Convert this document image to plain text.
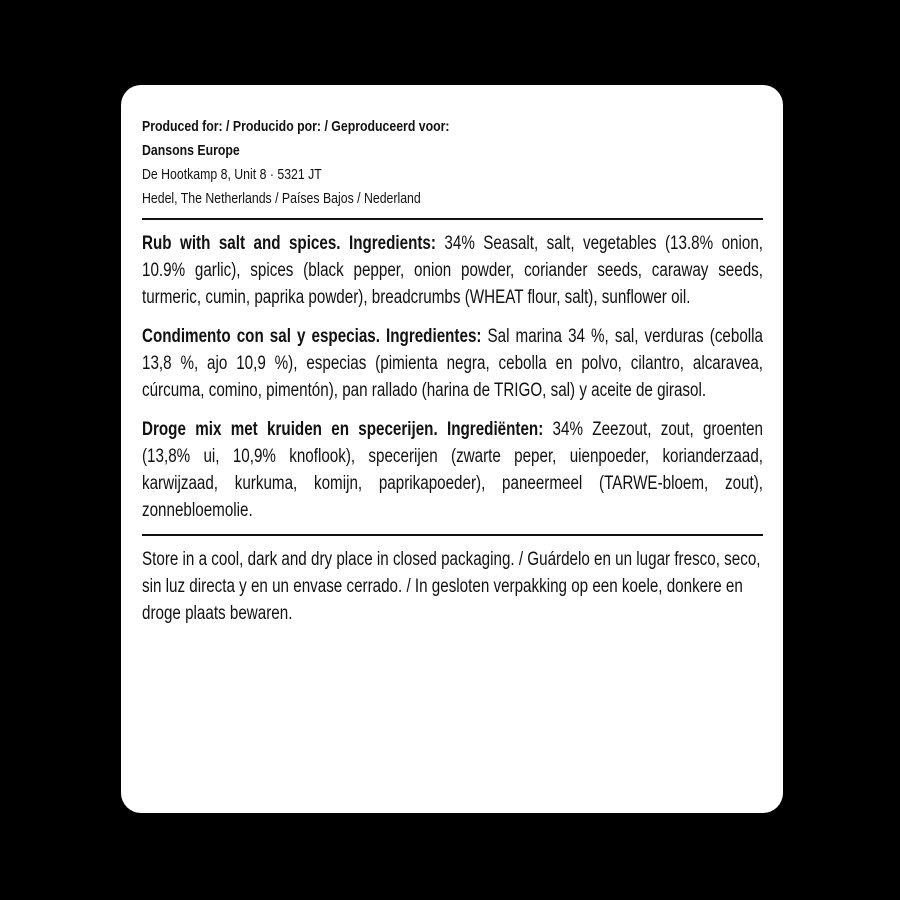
Produced for: / Producido por: / Geproduceerd voor:
Dansons Europe
De Hootkamp 8, Unit 8 · 5321 JT
Hedel, The Netherlands / Países Bajos / Nederland

Rub with salt and spices. Ingredients: 34% Seasalt, salt, vegetables (13.8% onion, 10.9% garlic), spices (black pepper, onion powder, coriander seeds, caraway seeds, turmeric, cumin, paprika powder), breadcrumbs (WHEAT flour, salt), sunflower oil.

Condimento con sal y especias. Ingredientes: Sal marina 34 %, sal, verduras (cebolla 13,8 %, ajo 10,9 %), especias (pimienta negra, cebolla en polvo, cilantro, alcaravea, cúrcuma, comino, pimentón), pan rallado (harina de TRIGO, sal) y aceite de girasol.

Droge mix met kruiden en specerijen. Ingrediënten: 34% Zeezout, zout, groenten (13,8% ui, 10,9% knoflook), specerijen (zwarte peper, uienpoeder, korianderzaad, karwijzaad, kurkuma, komijn, paprikapoeder), paneermeel (TARWE-bloem, zout), zonnebloemolie.

Store in a cool, dark and dry place in closed packaging. / Guárdelo en un lugar fresco, seco, sin luz directa y en un envase cerrado. / In gesloten verpakking op een koele, donkere en droge plaats bewaren.
